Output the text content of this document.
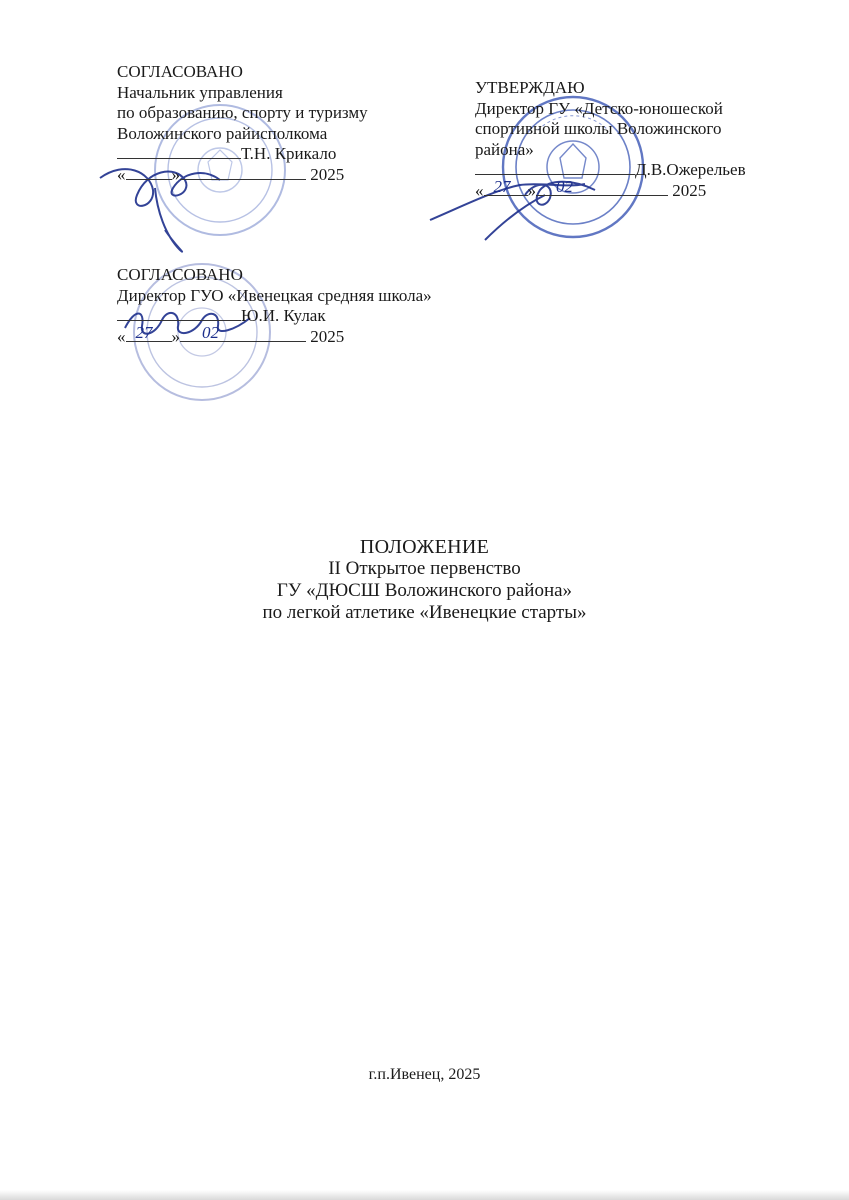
СОГЛАСОВАНО
Начальник управления
по образованию, спорту и туризму
Воложинского райисполкома
Т.Н. Крикало
«	»	2025
УТВЕРЖДАЮ
Директор ГУ «Детско-юношеской
спортивной школы Воложинского
района»
Д.В.Ожерельев
« 27 » 02	2025
СОГЛАСОВАНО
Директор ГУО «Ивенецкая средняя школа»
Ю.И. Кулак
« 27 » 02	2025
ПОЛОЖЕНИЕ
II Открытое первенство
ГУ «ДЮСШ Воложинского района»
по легкой атлетике «Ивенецкие старты»
г.п.Ивенец, 2025
